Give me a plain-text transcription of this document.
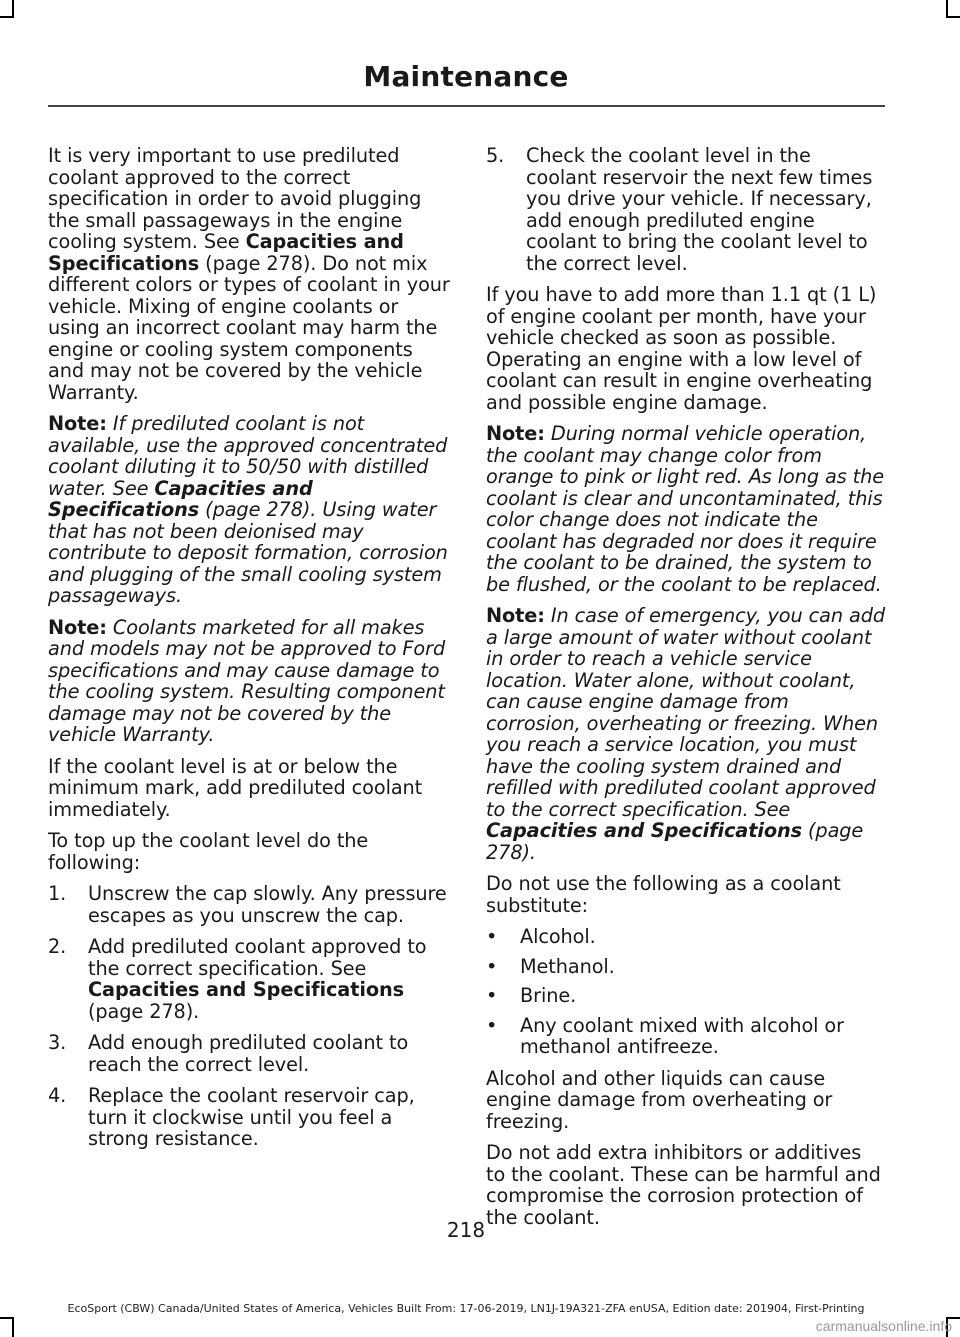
Maintenance

It is very important to use prediluted coolant approved to the correct specification in order to avoid plugging the small passageways in the engine cooling system. See Capacities and Specifications (page 278). Do not mix different colors or types of coolant in your vehicle. Mixing of engine coolants or using an incorrect coolant may harm the engine or cooling system components and may not be covered by the vehicle Warranty.

Note: If prediluted coolant is not available, use the approved concentrated coolant diluting it to 50/50 with distilled water. See Capacities and Specifications (page 278). Using water that has not been deionised may contribute to deposit formation, corrosion and plugging of the small cooling system passageways.

Note: Coolants marketed for all makes and models may not be approved to Ford specifications and may cause damage to the cooling system. Resulting component damage may not be covered by the vehicle Warranty.

If the coolant level is at or below the minimum mark, add prediluted coolant immediately.

To top up the coolant level do the following:

1.	Unscrew the cap slowly. Any pressure escapes as you unscrew the cap.
2.	Add prediluted coolant approved to the correct specification. See Capacities and Specifications (page 278).
3.	Add enough prediluted coolant to reach the correct level.
4.	Replace the coolant reservoir cap, turn it clockwise until you feel a strong resistance.
5.	Check the coolant level in the coolant reservoir the next few times you drive your vehicle. If necessary, add enough prediluted engine coolant to bring the coolant level to the correct level.

If you have to add more than 1.1 qt (1 L) of engine coolant per month, have your vehicle checked as soon as possible. Operating an engine with a low level of coolant can result in engine overheating and possible engine damage.

Note: During normal vehicle operation, the coolant may change color from orange to pink or light red. As long as the coolant is clear and uncontaminated, this color change does not indicate the coolant has degraded nor does it require the coolant to be drained, the system to be flushed, or the coolant to be replaced.

Note: In case of emergency, you can add a large amount of water without coolant in order to reach a vehicle service location. Water alone, without coolant, can cause engine damage from corrosion, overheating or freezing. When you reach a service location, you must have the cooling system drained and refilled with prediluted coolant approved to the correct specification. See Capacities and Specifications (page 278).

Do not use the following as a coolant substitute:

•	Alcohol.
•	Methanol.
•	Brine.
•	Any coolant mixed with alcohol or methanol antifreeze.

Alcohol and other liquids can cause engine damage from overheating or freezing.

Do not add extra inhibitors or additives to the coolant. These can be harmful and compromise the corrosion protection of the coolant.

218
EcoSport (CBW) Canada/United States of America, Vehicles Built From: 17-06-2019, LN1J-19A321-ZFA enUSA, Edition date: 201904, First-Printing
carmanualsonline.info
